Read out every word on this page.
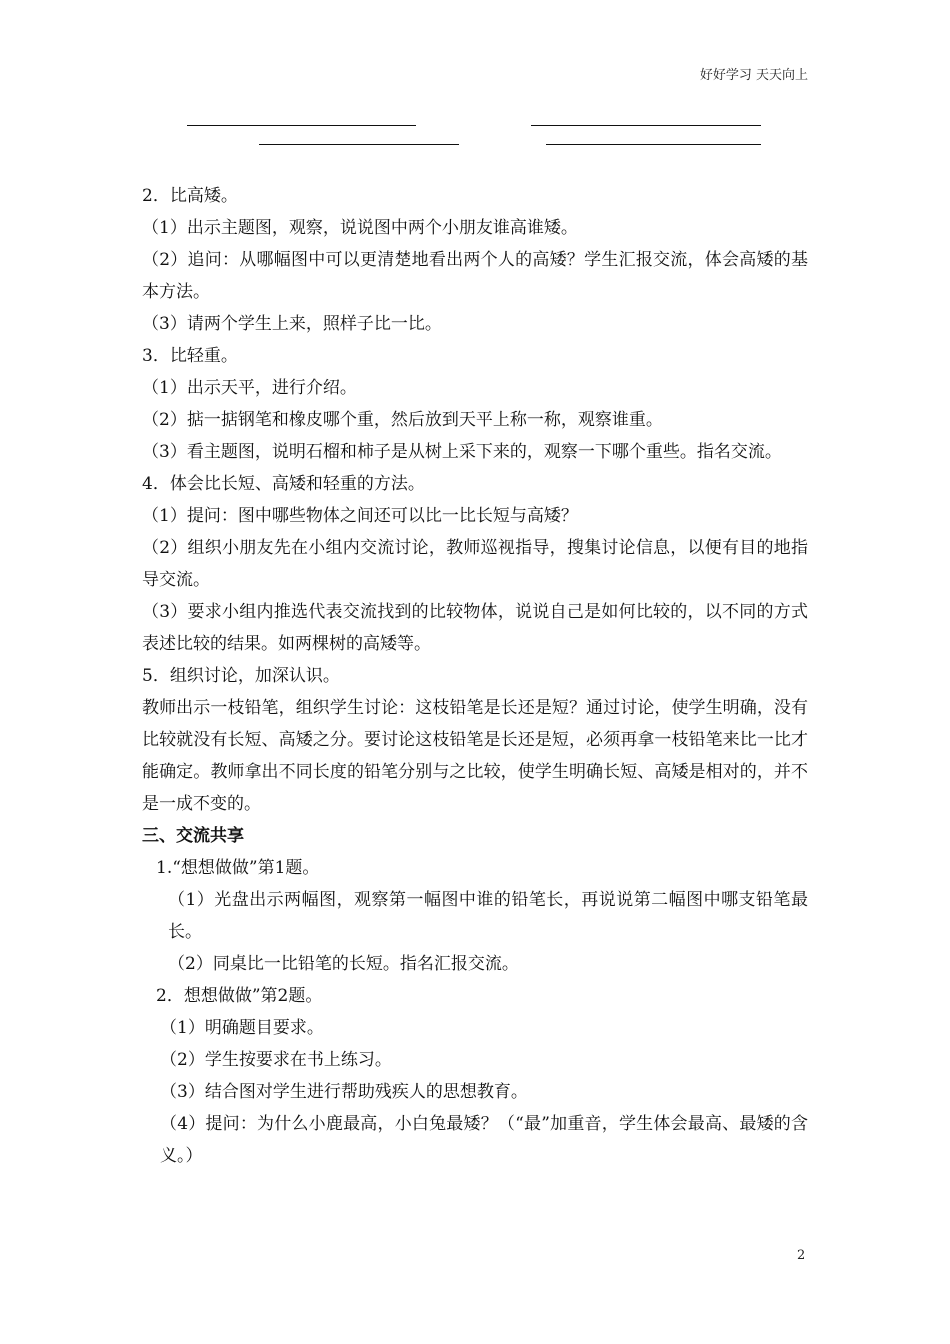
好好学习 天天向上

2．比高矮。

（1）出示主题图，观察，说说图中两个小朋友谁高谁矮。

（2）追问：从哪幅图中可以更清楚地看出两个人的高矮？学生汇报交流，体会高矮的基本方法。

（3）请两个学生上来，照样子比一比。

3．比轻重。

（1）出示天平，进行介绍。

（2）掂一掂钢笔和橡皮哪个重，然后放到天平上称一称，观察谁重。

（3）看主题图，说明石榴和柿子是从树上采下来的，观察一下哪个重些。指名交流。

4．体会比长短、高矮和轻重的方法。

（1）提问：图中哪些物体之间还可以比一比长短与高矮？

（2）组织小朋友先在小组内交流讨论，教师巡视指导，搜集讨论信息，以便有目的地指导交流。

（3）要求小组内推选代表交流找到的比较物体，说说自己是如何比较的，以不同的方式表述比较的结果。如两棵树的高矮等。

5．组织讨论，加深认识。

教师出示一枝铅笔，组织学生讨论：这枝铅笔是长还是短？通过讨论，使学生明确，没有比较就没有长短、高矮之分。要讨论这枝铅笔是长还是短，必须再拿一枝铅笔来比一比才能确定。教师拿出不同长度的铅笔分别与之比较，使学生明确长短、高矮是相对的，并不是一成不变的。

三、交流共享

1.“想想做做”第1题。

（1）光盘出示两幅图，观察第一幅图中谁的铅笔长，再说说第二幅图中哪支铅笔最长。

（2）同桌比一比铅笔的长短。指名汇报交流。

2．想想做做”第2题。

（1）明确题目要求。

（2）学生按要求在书上练习。

（3）结合图对学生进行帮助残疾人的思想教育。

（4）提问：为什么小鹿最高，小白兔最矮？（“最”加重音，学生体会最高、最矮的含义。）

2
